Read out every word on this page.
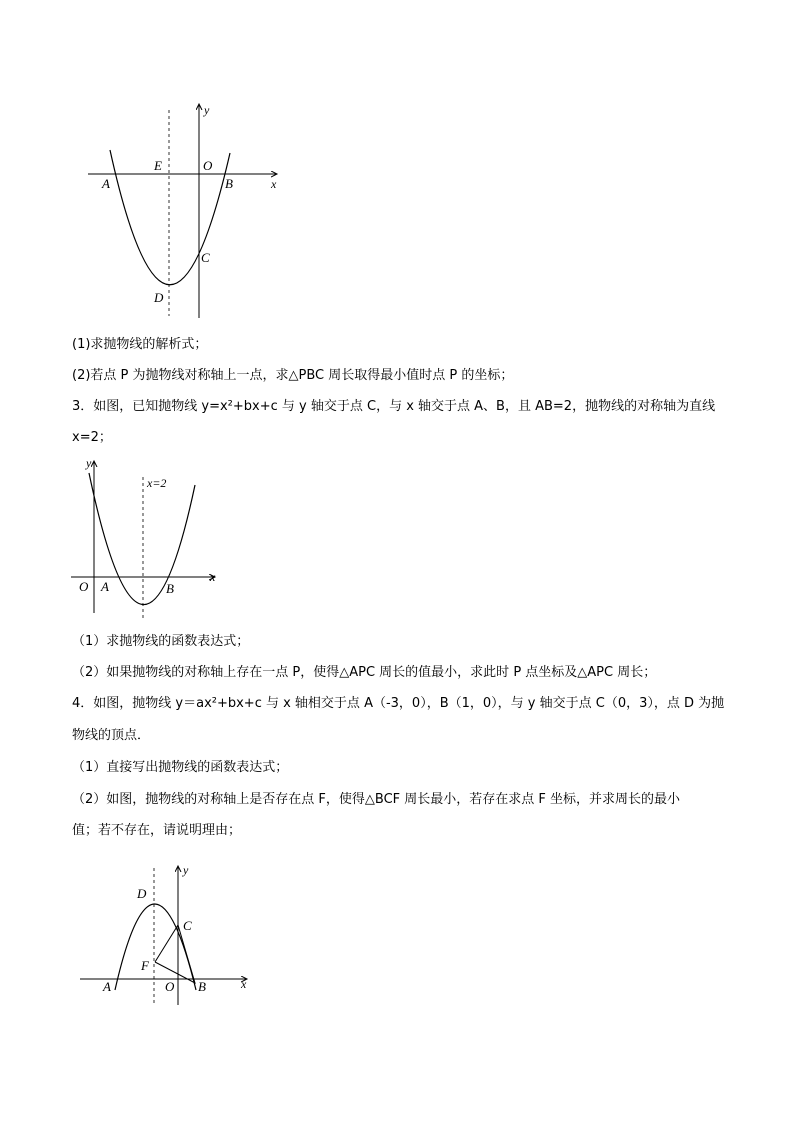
y
x
E	O
A	B
C
D
(1)求抛物线的解析式；
(2)若点 P 为抛物线对称轴上一点，求△PBC 周长取得最小值时点 P 的坐标；
3．如图，已知抛物线 y=x²+bx+c 与 y 轴交于点 C，与 x 轴交于点 A、B，且 AB=2，抛物线的对称轴为直线
x=2；
y
x
x=2
O A	B
（1）求抛物线的函数表达式；
（2）如果抛物线的对称轴上存在一点 P，使得△APC 周长的值最小，求此时 P 点坐标及△APC 周长；
4．如图，抛物线 y＝ax²+bx+c 与 x 轴相交于点 A（-3，0），B（1，0），与 y 轴交于点 C（0，3），点 D 为抛
物线的顶点．
（1）直接写出抛物线的函数表达式；
（2）如图，抛物线的对称轴上是否存在点 F，使得△BCF 周长最小，若存在求点 F 坐标，并求周长的最小
值；若不存在，请说明理由；
y
x
D
C
F
A	O B
